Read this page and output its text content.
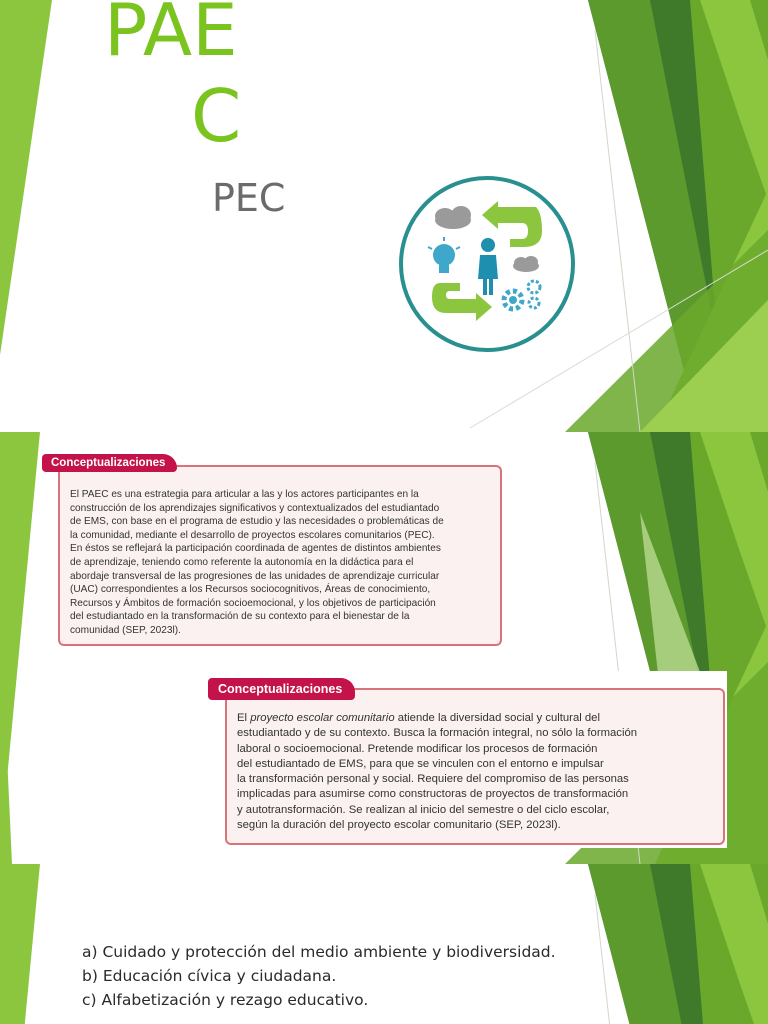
PAE
C
PEC
Conceptualizaciones

El PAEC es una estrategia para articular a las y los actores participantes en la

construcción de los aprendizajes significativos y contextualizados del estudiantado

de EMS, con base en el programa de estudio y las necesidades o problemáticas de

la comunidad, mediante el desarrollo de proyectos escolares comunitarios (PEC).

En éstos se reflejará la participación coordinada de agentes de distintos ambientes

de aprendizaje, teniendo como referente la autonomía en la didáctica para el

abordaje transversal de las progresiones de las unidades de aprendizaje curricular

(UAC) correspondientes a los Recursos sociocognitivos, Áreas de conocimiento,

Recursos y Ámbitos de formación socioemocional, y los objetivos de participación

del estudiantado en la transformación de su contexto para el bienestar de la

comunidad (SEP, 2023l).

Conceptualizaciones

El proyecto escolar comunitario atiende la diversidad social y cultural del

estudiantado y de su contexto. Busca la formación integral, no sólo la formación

laboral o socioemocional. Pretende modificar los procesos de formación

del estudiantado de EMS, para que se vinculen con el entorno e impulsar

la transformación personal y social. Requiere del compromiso de las personas

implicadas para asumirse como constructoras de proyectos de transformación

y autotransformación. Se realizan al inicio del semestre o del ciclo escolar,

según la duración del proyecto escolar comunitario (SEP, 2023l).

a) Cuidado y protección del medio ambiente y biodiversidad.
b) Educación cívica y ciudadana.
c) Alfabetización y rezago educativo.
